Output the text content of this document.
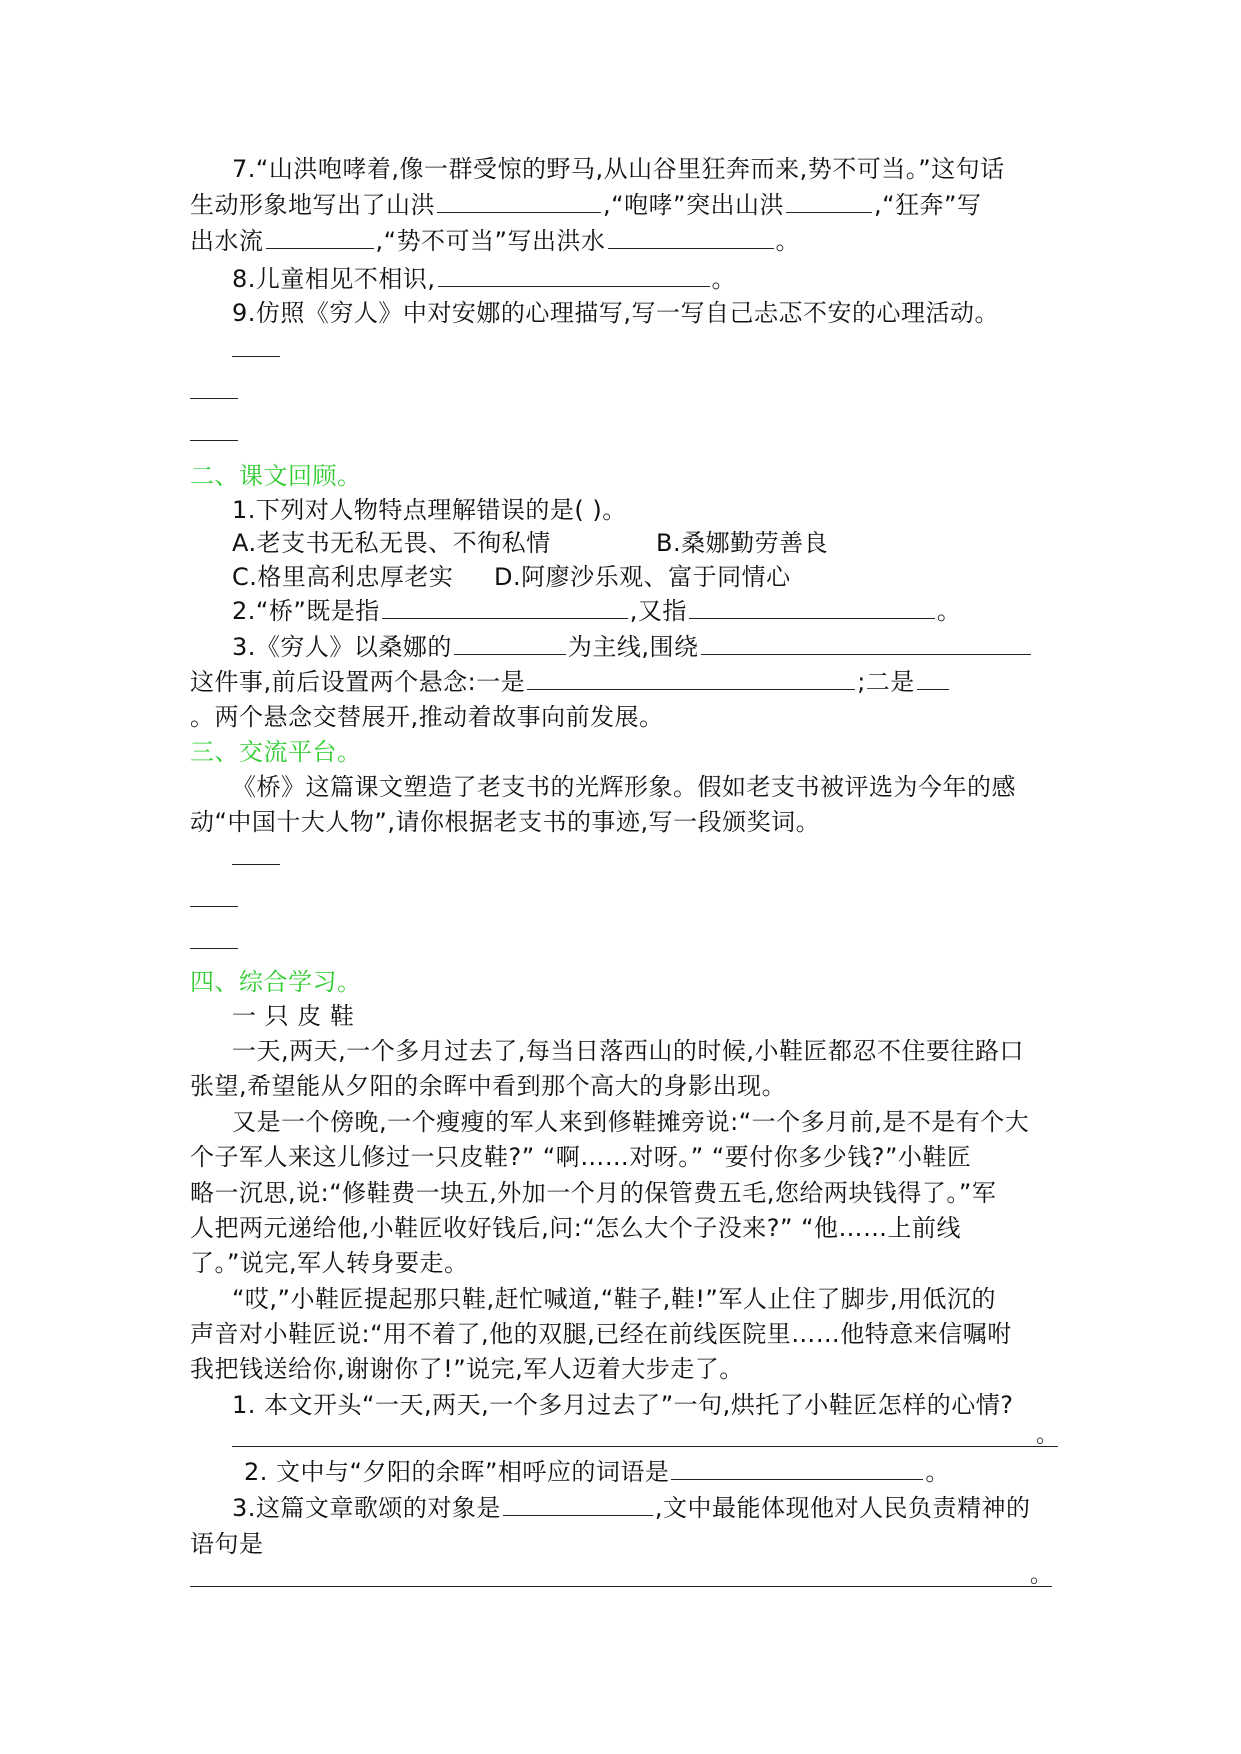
7.“山洪咆哮着,像一群受惊的野马,从山谷里狂奔而来,势不可当。”这句话
生动形象地写出了山洪	,“咆哮”突出山洪	,“狂奔”写
出水流	,“势不可当”写出洪水	。
8.儿童相见不相识,	。
9.仿照《穷人》中对安娜的心理描写,写一写自己忐忑不安的心理活动。
二、课文回顾。
1.下列对人物特点理解错误的是( )。
A.老支书无私无畏、不徇私情	B.桑娜勤劳善良
C.格里高利忠厚老实 D.阿廖沙乐观、富于同情心
2.“桥”既是指	,又指	。
3.《穷人》以桑娜的	为主线,围绕
这件事,前后设置两个悬念:一是	;二是
。两个悬念交替展开,推动着故事向前发展。
三、交流平台。
《桥》这篇课文塑造了老支书的光辉形象。假如老支书被评选为今年的感
动“中国十大人物”,请你根据老支书的事迹,写一段颁奖词。
四、综合学习。
一 只 皮 鞋
一天,两天,一个多月过去了,每当日落西山的时候,小鞋匠都忍不住要往路口
张望,希望能从夕阳的余晖中看到那个高大的身影出现。
又是一个傍晚,一个瘦瘦的军人来到修鞋摊旁说:“一个多月前,是不是有个大
个子军人来这儿修过一只皮鞋?” “啊……对呀。” “要付你多少钱?”小鞋匠
略一沉思,说:“修鞋费一块五,外加一个月的保管费五毛,您给两块钱得了。”军
人把两元递给他,小鞋匠收好钱后,问:“怎么大个子没来?” “他……上前线
了。”说完,军人转身要走。
“哎,”小鞋匠提起那只鞋,赶忙喊道,“鞋子,鞋!”军人止住了脚步,用低沉的
声音对小鞋匠说:“用不着了,他的双腿,已经在前线医院里……他特意来信嘱咐
我把钱送给你,谢谢你了!”说完,军人迈着大步走了。
1. 本文开头“一天,两天,一个多月过去了”一句,烘托了小鞋匠怎样的心情?
。
2. 文中与“夕阳的余晖”相呼应的词语是	。
3.这篇文章歌颂的对象是	,文中最能体现他对人民负责精神的
语句是
。
